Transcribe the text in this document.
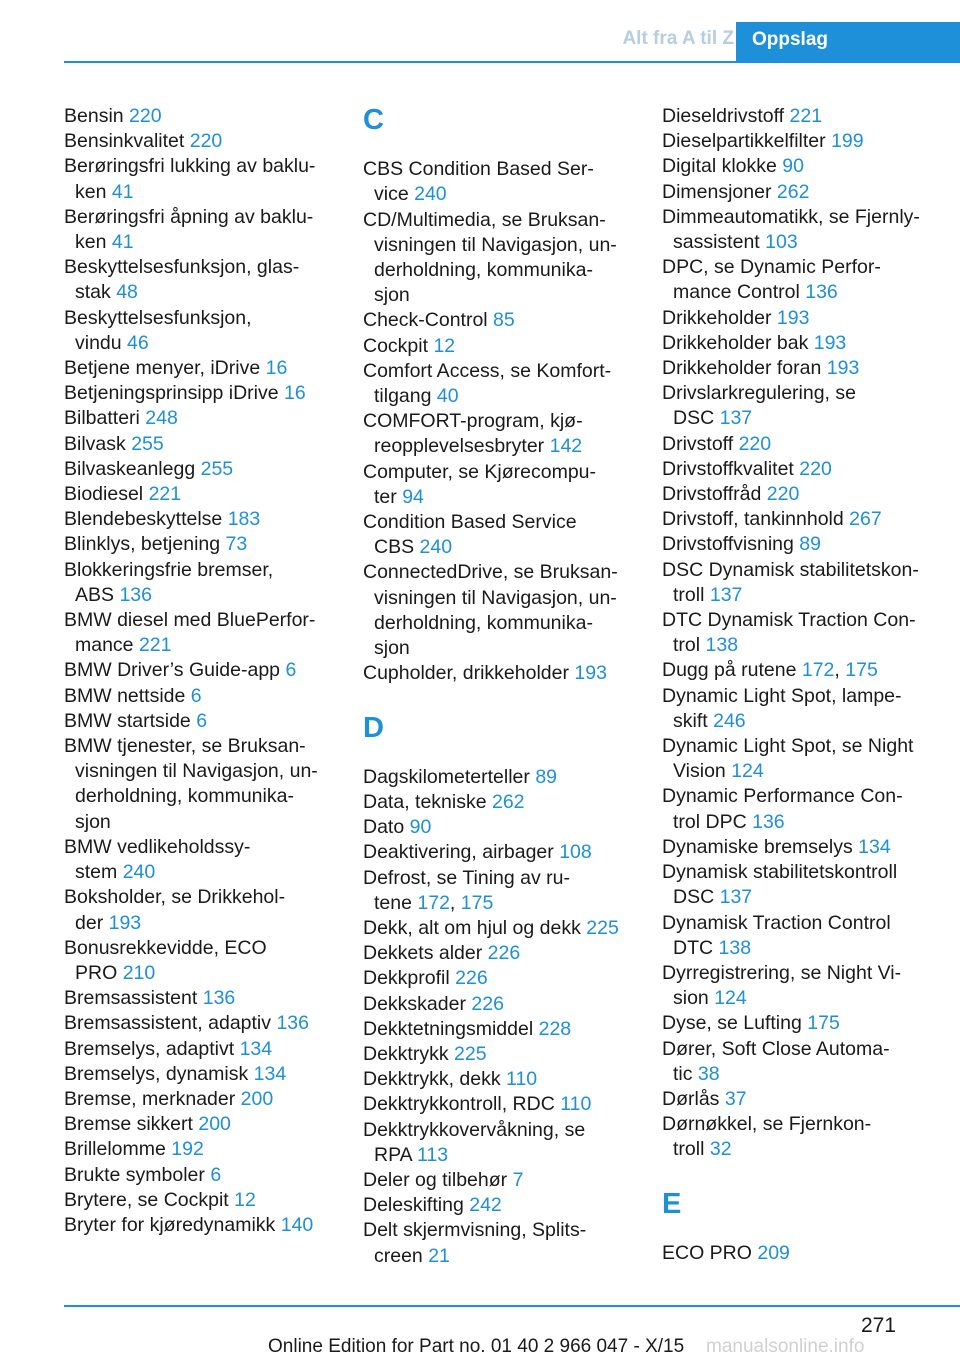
Alt fra A til Z Oppslag
Bensin 220
Bensinkvalitet 220
Berøringsfri lukking av baklu‐
ken 41
Berøringsfri åpning av baklu‐
ken 41
Beskyttelsesfunksjon, glas‐
stak 48
Beskyttelsesfunksjon,
vindu 46
Betjene menyer, iDrive 16
Betjeningsprinsipp iDrive 16
Bilbatteri 248
Bilvask 255
Bilvaskeanlegg 255
Biodiesel 221
Blendebeskyttelse 183
Blinklys, betjening 73
Blokkeringsfrie bremser,
ABS 136
BMW diesel med BluePerfor‐
mance 221
BMW Driver’s Guide-app 6
BMW nettside 6
BMW startside 6
BMW tjenester, se Bruksan‐
visningen til Navigasjon, un‐
derholdning, kommunika‐
sjon
BMW vedlikeholdssy‐
stem 240
Boksholder, se Drikkehol‐
der 193
Bonusrekkevidde, ECO
PRO 210
Bremsassistent 136
Bremsassistent, adaptiv 136
Bremselys, adaptivt 134
Bremselys, dynamisk 134
Bremse, merknader 200
Bremse sikkert 200
Brillelomme 192
Brukte symboler 6
Brytere, se Cockpit 12
Bryter for kjøredynamikk 140
C
CBS Condition Based Ser‐
vice 240
CD/Multimedia, se Bruksan‐
visningen til Navigasjon, un‐
derholdning, kommunika‐
sjon
Check-Control 85
Cockpit 12
Comfort Access, se Komfort‐
tilgang 40
COMFORT-program, kjø‐
reopplevelsesbryter 142
Computer, se Kjørecompu‐
ter 94
Condition Based Service
CBS 240
ConnectedDrive, se Bruksan‐
visningen til Navigasjon, un‐
derholdning, kommunika‐
sjon
Cupholder, drikkeholder 193
D
Dagskilometerteller 89
Data, tekniske 262
Dato 90
Deaktivering, airbager 108
Defrost, se Tining av ru‐
tene 172, 175
Dekk, alt om hjul og dekk 225
Dekkets alder 226
Dekkprofil 226
Dekkskader 226
Dekktetningsmiddel 228
Dekktrykk 225
Dekktrykk, dekk 110
Dekktrykkontroll, RDC 110
Dekktrykkovervåkning, se
RPA 113
Deler og tilbehør 7
Deleskifting 242
Delt skjermvisning, Splits‐
creen 21
Dieseldrivstoff 221
Dieselpartikkelfilter 199
Digital klokke 90
Dimensjoner 262
Dimmeautomatikk, se Fjernly‐
sassistent 103
DPC, se Dynamic Perfor‐
mance Control 136
Drikkeholder 193
Drikkeholder bak 193
Drikkeholder foran 193
Drivslarkregulering, se
DSC 137
Drivstoff 220
Drivstoffkvalitet 220
Drivstoffråd 220
Drivstoff, tankinnhold 267
Drivstoffvisning 89
DSC Dynamisk stabilitetskon‐
troll 137
DTC Dynamisk Traction Con‐
trol 138
Dugg på rutene 172, 175
Dynamic Light Spot, lampe‐
skift 246
Dynamic Light Spot, se Night
Vision 124
Dynamic Performance Con‐
trol DPC 136
Dynamiske bremselys 134
Dynamisk stabilitetskontroll
DSC 137
Dynamisk Traction Control
DTC 138
Dyrregistrering, se Night Vi‐
sion 124
Dyse, se Lufting 175
Dører, Soft Close Automa‐
tic 38
Dørlås 37
Dørnøkkel, se Fjernkon‐
troll 32
E
ECO PRO 209
271
Online Edition for Part no. 01 40 2 966 047 - X/15 manualsonline.info
